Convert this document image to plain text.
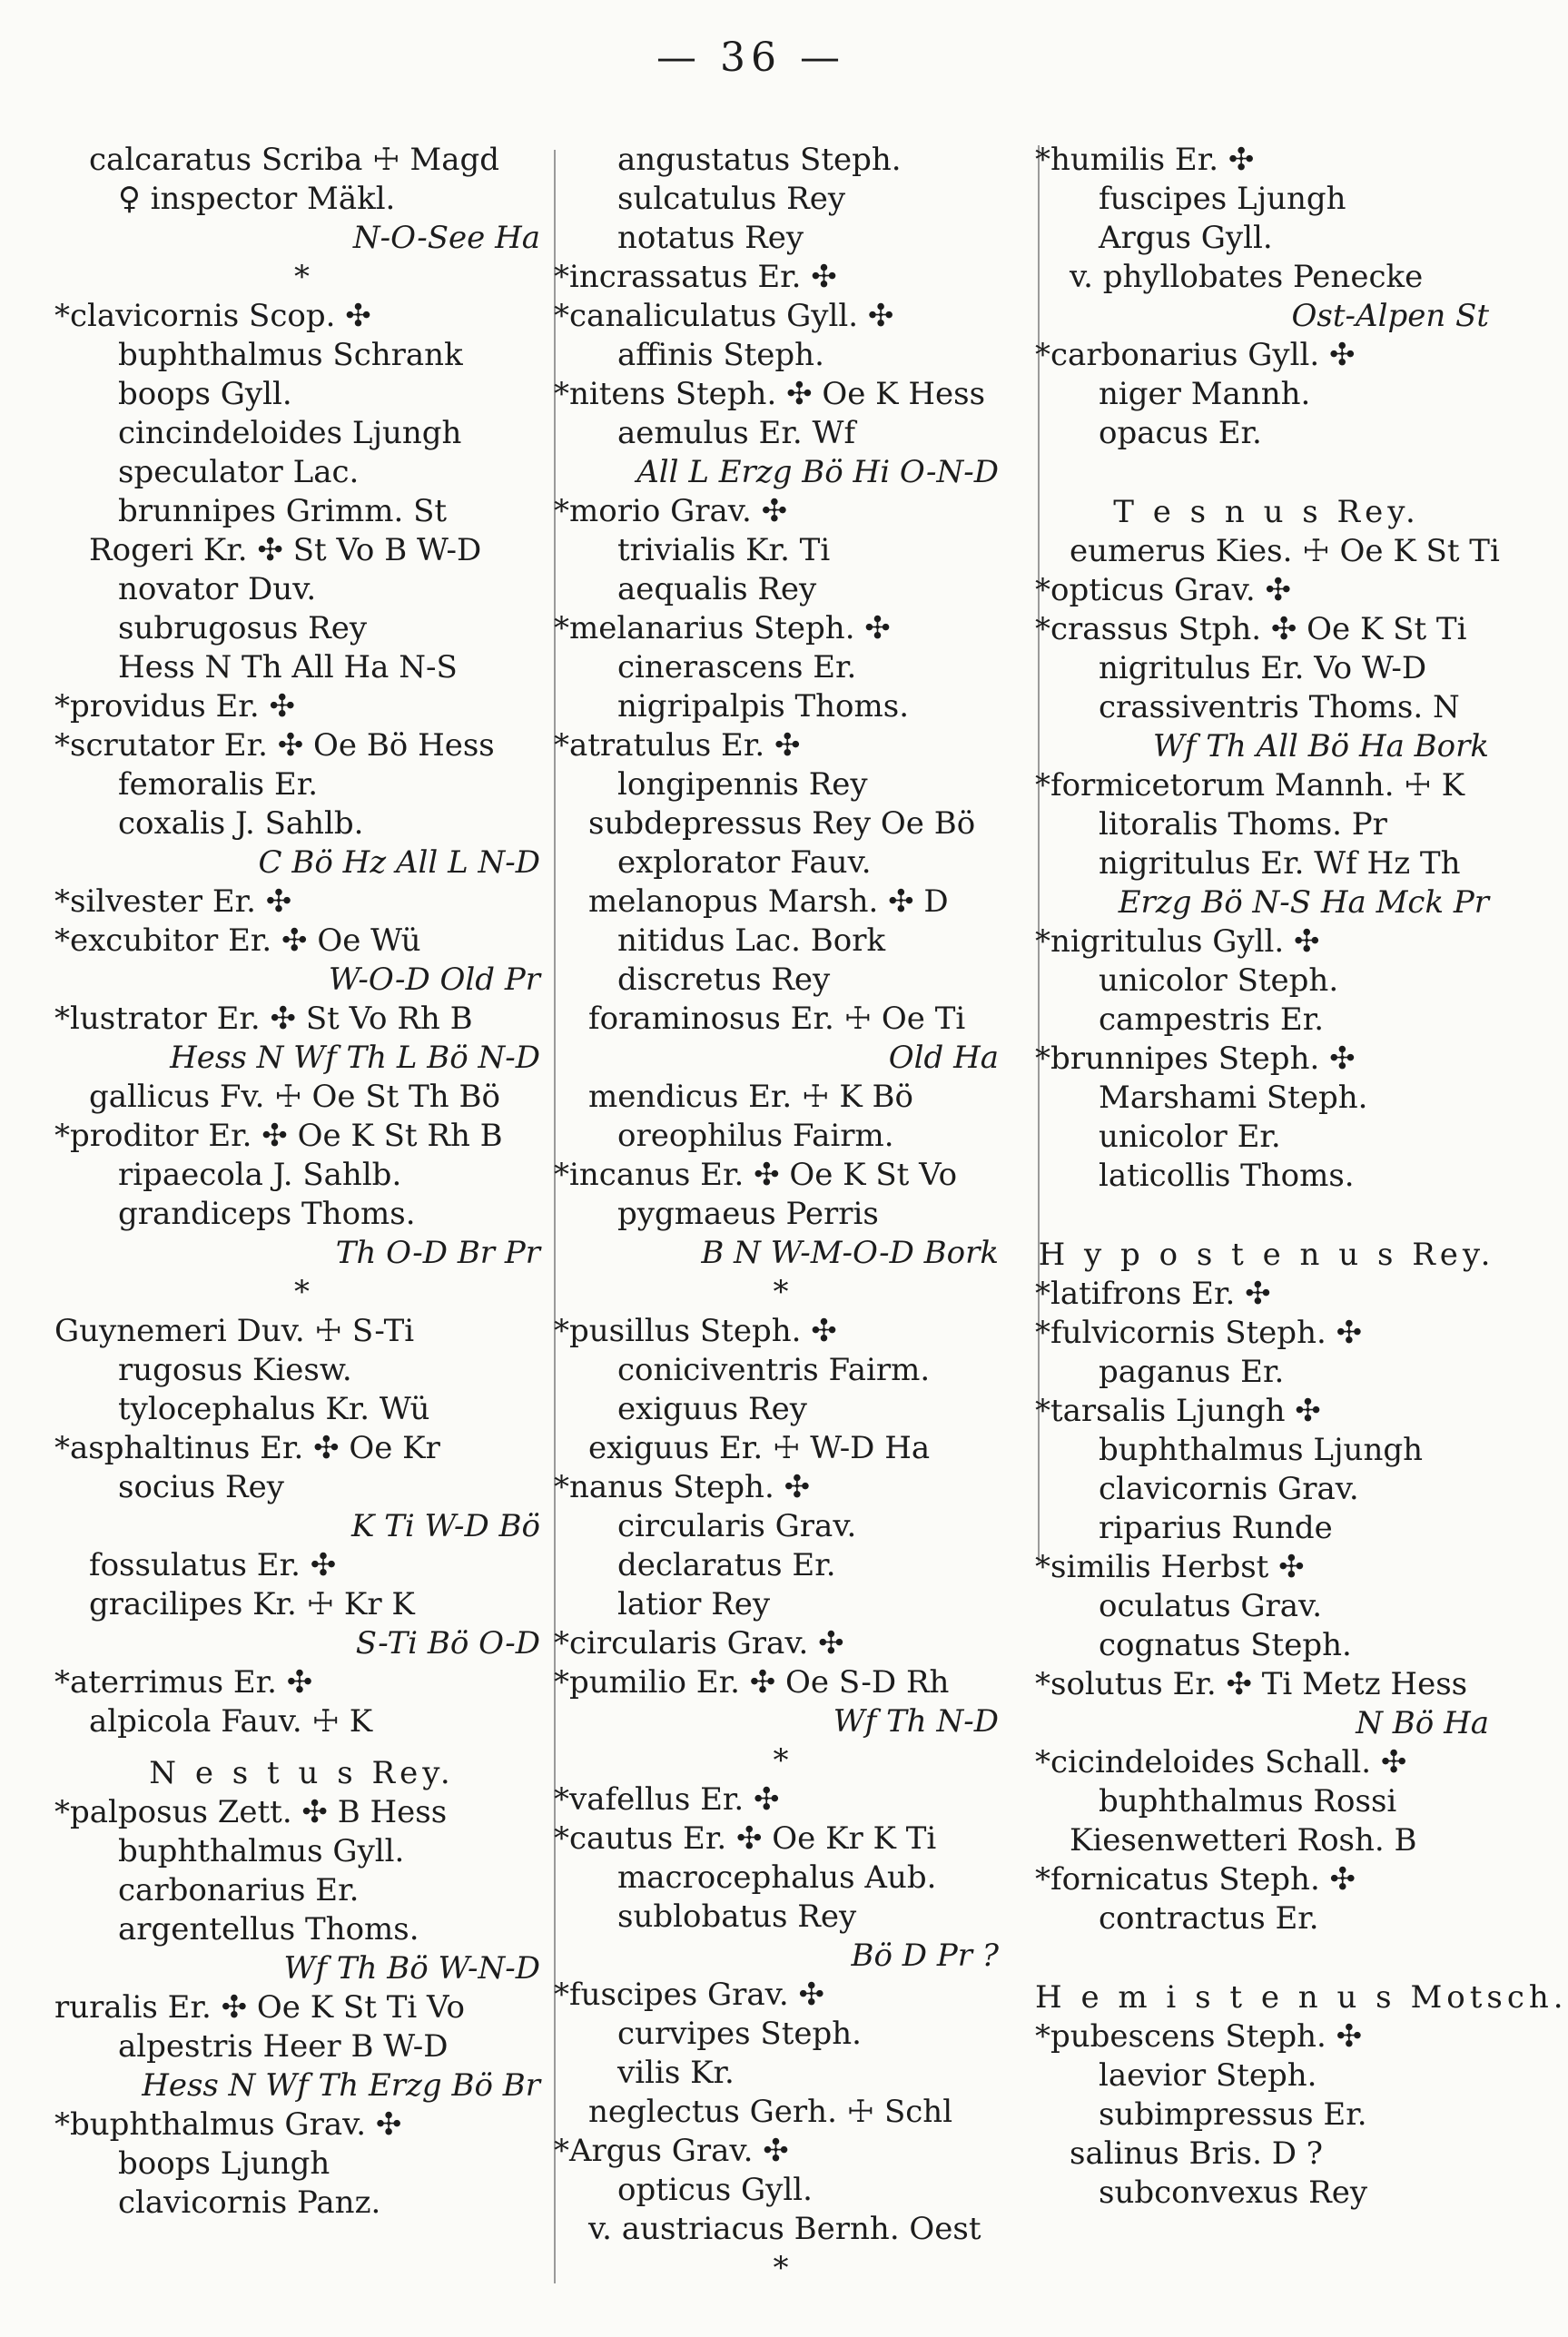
— 36 —
calcaratus Scriba ☩ Magd
♀ inspector Mäkl.
N-O-See Ha
*
*clavicornis Scop. ✣
buphthalmus Schrank
boops Gyll.
cincindeloides Ljungh
speculator Lac.
brunnipes Grimm. St
Rogeri Kr. ✣ St Vo B W-D
novator Duv.
subrugosus Rey
Hess N Th All Ha N-S
*providus Er. ✣
*scrutator Er. ✣ Oe Bö Hess
femoralis Er.
coxalis J. Sahlb.
C Bö Hz All L N-D
*silvester Er. ✣
*excubitor Er. ✣ Oe Wü
W-O-D Old Pr
*lustrator Er. ✣ St Vo Rh B
Hess N Wf Th L Bö N-D
gallicus Fv. ☩ Oe St Th Bö
*proditor Er. ✣ Oe K St Rh B
ripaecola J. Sahlb.
grandiceps Thoms.
Th O-D Br Pr
*
Guynemeri Duv. ☩ S-Ti
rugosus Kiesw.
tylocephalus Kr. Wü
*asphaltinus Er. ✣ Oe Kr
socius Rey
K Ti W-D Bö
fossulatus Er. ✣
gracilipes Kr. ☩ Kr K
S-Ti Bö O-D
*aterrimus Er. ✣
alpicola Fauv. ☩ K
N e s t u s Rey.
*palposus Zett. ✣ B Hess
buphthalmus Gyll.
carbonarius Er.
argentellus Thoms.
Wf Th Bö W-N-D
ruralis Er. ✣ Oe K St Ti Vo
alpestris Heer B W-D
Hess N Wf Th Erzg Bö Br
*buphthalmus Grav. ✣
boops Ljungh
clavicornis Panz.
angustatus Steph.
sulcatulus Rey
notatus Rey
*incrassatus Er. ✣
*canaliculatus Gyll. ✣
affinis Steph.
*nitens Steph. ✣ Oe K Hess
aemulus Er. Wf
All L Erzg Bö Hi O-N-D
*morio Grav. ✣
trivialis Kr. Ti
aequalis Rey
*melanarius Steph. ✣
cinerascens Er.
nigripalpis Thoms.
*atratulus Er. ✣
longipennis Rey
subdepressus Rey Oe Bö
explorator Fauv.
melanopus Marsh. ✣ D
nitidus Lac. Bork
discretus Rey
foraminosus Er. ☩ Oe Ti
Old Ha
mendicus Er. ☩ K Bö
oreophilus Fairm.
*incanus Er. ✣ Oe K St Vo
pygmaeus Perris
B N W-M-O-D Bork
*
*pusillus Steph. ✣
coniciventris Fairm.
exiguus Rey
exiguus Er. ☩ W-D Ha
*nanus Steph. ✣
circularis Grav.
declaratus Er.
latior Rey
*circularis Grav. ✣
*pumilio Er. ✣ Oe S-D Rh
Wf Th N-D
*
*vafellus Er. ✣
*cautus Er. ✣ Oe Kr K Ti
macrocephalus Aub.
sublobatus Rey
Bö D Pr ?
*fuscipes Grav. ✣
curvipes Steph.
vilis Kr.
neglectus Gerh. ☩ Schl
*Argus Grav. ✣
opticus Gyll.
v. austriacus Bernh. Oest
*
*humilis Er. ✣
fuscipes Ljungh
Argus Gyll.
v. phyllobates Penecke
Ost-Alpen St
*carbonarius Gyll. ✣
niger Mannh.
opacus Er.
T e s n u s Rey.
eumerus Kies. ☩ Oe K St Ti
*opticus Grav. ✣
*crassus Stph. ✣ Oe K St Ti
nigritulus Er. Vo W-D
crassiventris Thoms. N
Wf Th All Bö Ha Bork
*formicetorum Mannh. ☩ K
litoralis Thoms. Pr
nigritulus Er. Wf Hz Th
Erzg Bö N-S Ha Mck Pr
*nigritulus Gyll. ✣
unicolor Steph.
campestris Er.
*brunnipes Steph. ✣
Marshami Steph.
unicolor Er.
laticollis Thoms.
H y p o s t e n u s Rey.
*latifrons Er. ✣
*fulvicornis Steph. ✣
paganus Er.
*tarsalis Ljungh ✣
buphthalmus Ljungh
clavicornis Grav.
riparius Runde
*similis Herbst ✣
oculatus Grav.
cognatus Steph.
*solutus Er. ✣ Ti Metz Hess
N Bö Ha
*cicindeloides Schall. ✣
buphthalmus Rossi
Kiesenwetteri Rosh. B
*fornicatus Steph. ✣
contractus Er.
H e m i s t e n u s Motsch.
*pubescens Steph. ✣
laevior Steph.
subimpressus Er.
salinus Bris. D ?
subconvexus Rey
